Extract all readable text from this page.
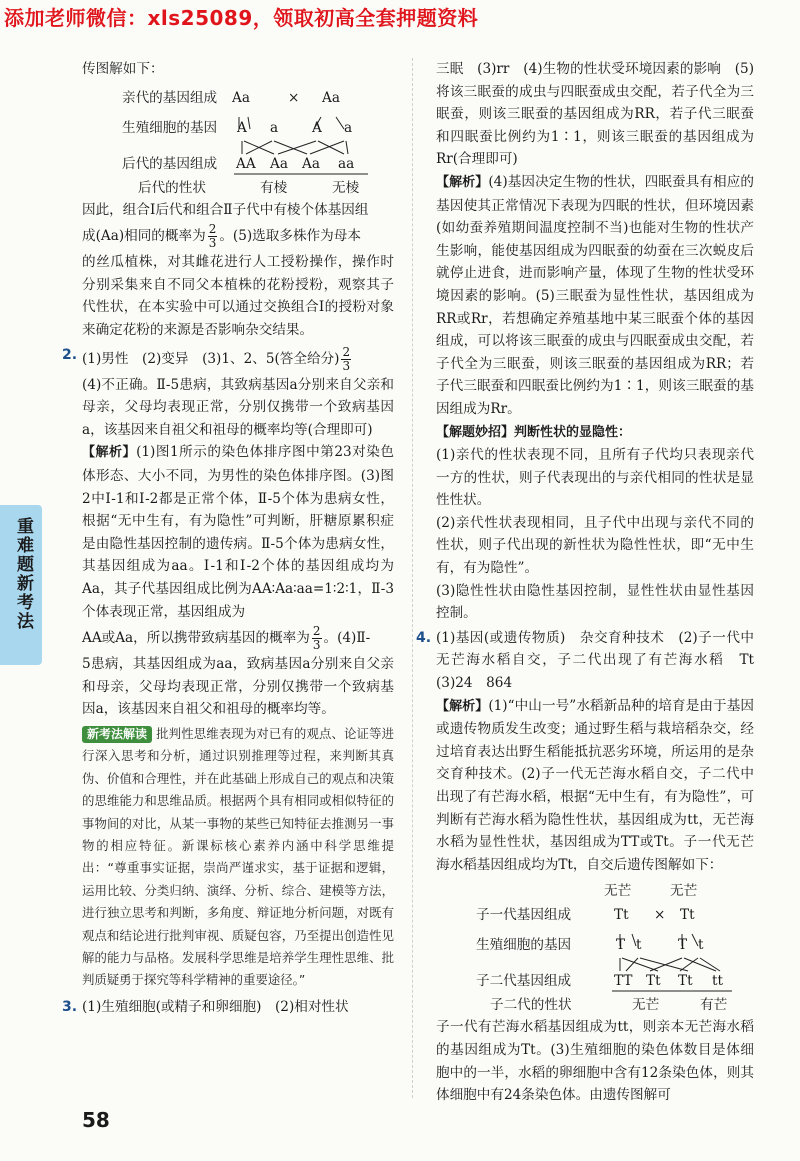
添加老师微信：xls25089，领取初高全套押题资料
重难题新考法

传图解如下：

亲代的基因组成 Aa	× Aa
生殖细胞的基因 A a A a
后代的基因组成 AA Aa Aa aa
后代的性状	有棱	无棱

因此，组合Ⅰ后代和组合Ⅱ子代中有棱个体基因组

成(Aa)相同的概率为 $\frac{2}{3}$ 。(5)选取多株作为母本

的丝瓜植株，对其雌花进行人工授粉操作，操作时分别采集来自不同父本植株的花粉授粉，观察其子代性状，在本实验中可以通过交换组合Ⅰ的授粉对象来确定花粉的来源是否影响杂交结果。

2. (1)男性　(2)变异　(3)1、2、5(答全给分) $\frac{2}{3}$

(4)不正确。Ⅱ-5患病，其致病基因a分别来自父亲和母亲，父母均表现正常，分别仅携带一个致病基因a，该基因来自祖父和祖母的概率均等(合理即可)

【解析】(1)图1所示的染色体排序图中第23对染色体形态、大小不同，为男性的染色体排序图。(3)图2中Ⅰ-1和Ⅰ-2都是正常个体，Ⅱ-5个体为患病女性，根据“无中生有，有为隐性”可判断，肝糖原累积症是由隐性基因控制的遗传病。Ⅱ-5个体为患病女性，其基因组成为aa。Ⅰ-1和Ⅰ-2个体的基因组成均为Aa，其子代基因组成比例为AA∶Aa∶aa=1∶2∶1，Ⅱ-3个体表现正常，基因组成为

AA或Aa，所以携带致病基因的概率为 $\frac{2}{3}$ 。(4)Ⅱ-

5患病，其基因组成为aa，致病基因a分别来自父亲和母亲，父母均表现正常，分别仅携带一个致病基因a，该基因来自祖父和祖母的概率均等。

新考法解读 批判性思维表现为对已有的观点、论证等进行深入思考和分析，通过识别推理等过程，来判断其真伪、价值和合理性，并在此基础上形成自己的观点和决策的思维能力和思维品质。根据两个具有相同或相似特征的事物间的对比，从某一事物的某些已知特征去推测另一事物的相应特征。新课标核心素养内涵中科学思维提出：“尊重事实证据，崇尚严谨求实，基于证据和逻辑，运用比较、分类归纳、演绎、分析、综合、建模等方法，进行独立思考和判断，多角度、辩证地分析问题，对既有观点和结论进行批判审视、质疑包容，乃至提出创造性见解的能力与品格。发展科学思维是培养学生理性思维、批判质疑勇于探究等科学精神的重要途径。”
3. (1)生殖细胞(或精子和卵细胞)　(2)相对性状

三眠　(3)rr　(4)生物的性状受环境因素的影响　(5)将该三眠蚕的成虫与四眠蚕成虫交配，若子代全为三眠蚕，则该三眠蚕的基因组成为RR，若子代三眠蚕和四眠蚕比例约为1∶1，则该三眠蚕的基因组成为Rr(合理即可)

【解析】(4)基因决定生物的性状，四眠蚕具有相应的基因使其正常情况下表现为四眠的性状，但环境因素(如幼蚕养殖期间温度控制不当)也能对生物的性状产生影响，能使基因组成为四眠蚕的幼蚕在三次蜕皮后就停止进食，进而影响产量，体现了生物的性状受环境因素的影响。(5)三眠蚕为显性性状，基因组成为RR或Rr，若想确定养殖基地中某三眠蚕个体的基因组成，可以将该三眠蚕的成虫与四眠蚕成虫交配，若子代全为三眠蚕，则该三眠蚕的基因组成为RR；若子代三眠蚕和四眠蚕比例约为1∶1，则该三眠蚕的基因组成为Rr。

【解题妙招】判断性状的显隐性：

(1)亲代的性状表现不同，且所有子代均只表现亲代一方的性状，则子代表现出的与亲代相同的性状是显性性状。

(2)亲代性状表现相同，且子代中出现与亲代不同的性状，则子代出现的新性状为隐性性状，即“无中生有，有为隐性”。

(3)隐性性状由隐性基因控制，显性性状由显性基因控制。

4. (1)基因(或遗传物质)　杂交育种技术　(2)子一代中无芒海水稻自交，子二代出现了有芒海水稻　Tt　(3)24　864

【解析】(1)“中山一号”水稻新品种的培育是由于基因或遗传物质发生改变；通过野生稻与栽培稻杂交，经过培育表达出野生稻能抵抗恶劣环境，所运用的是杂交育种技术。(2)子一代无芒海水稻自交，子二代中出现了有芒海水稻，根据“无中生有，有为隐性”，可判断有芒海水稻为隐性性状，基因组成为tt，无芒海水稻为显性性状，基因组成为TT或Tt。子一代无芒海水稻基因组成均为Tt，自交后遗传图解如下：

无芒	无芒
子一代基因组成	Tt × Tt
生殖细胞的基因	T t	T t
子二代基因组成	TT Tt Tt tt
子二代的性状	无芒	有芒

子一代有芒海水稻基因组成为tt，则亲本无芒海水稻的基因组成为Tt。(3)生殖细胞的染色体数目是体细胞中的一半，水稻的卵细胞中含有12条染色体，则其体细胞中有24条染色体。由遗传图解可

58
